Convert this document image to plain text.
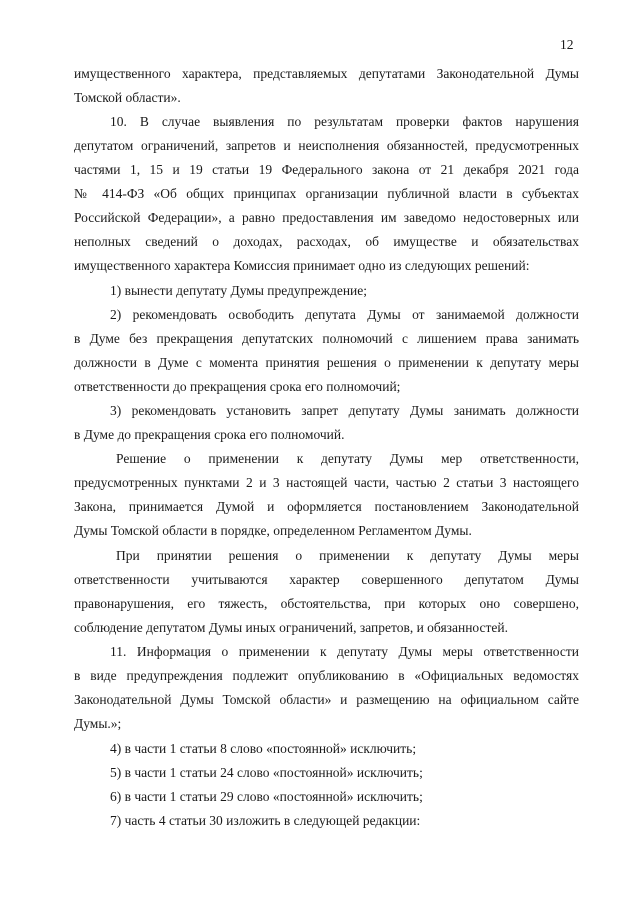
12
имущественного характера, представляемых депутатами Законодательной Думы
Томской области».
10. В случае выявления по результатам проверки фактов нарушения
депутатом ограничений, запретов и неисполнения обязанностей, предусмотренных
частями 1, 15 и 19 статьи 19 Федерального закона от 21 декабря 2021 года
№ 414-ФЗ «Об общих принципах организации публичной власти в субъектах
Российской Федерации», а равно предоставления им заведомо недостоверных или
неполных сведений о доходах, расходах, об имуществе и обязательствах
имущественного характера Комиссия принимает одно из следующих решений:
1) вынести депутату Думы предупреждение;
2) рекомендовать освободить депутата Думы от занимаемой должности
в Думе без прекращения депутатских полномочий с лишением права занимать
должности в Думе с момента принятия решения о применении к депутату меры
ответственности до прекращения срока его полномочий;
3) рекомендовать установить запрет депутату Думы занимать должности
в Думе до прекращения срока его полномочий.
Решение о применении к депутату Думы мер ответственности,
предусмотренных пунктами 2 и 3 настоящей части, частью 2 статьи 3 настоящего
Закона, принимается Думой и оформляется постановлением Законодательной
Думы Томской области в порядке, определенном Регламентом Думы.
При принятии решения о применении к депутату Думы меры
ответственности учитываются характер совершенного депутатом Думы
правонарушения, его тяжесть, обстоятельства, при которых оно совершено,
соблюдение депутатом Думы иных ограничений, запретов, и обязанностей.
11. Информация о применении к депутату Думы меры ответственности
в виде предупреждения подлежит опубликованию в «Официальных ведомостях
Законодательной Думы Томской области» и размещению на официальном сайте
Думы.»;
4) в части 1 статьи 8 слово «постоянной» исключить;
5) в части 1 статьи 24 слово «постоянной» исключить;
6) в части 1 статьи 29 слово «постоянной» исключить;
7) часть 4 статьи 30 изложить в следующей редакции:
